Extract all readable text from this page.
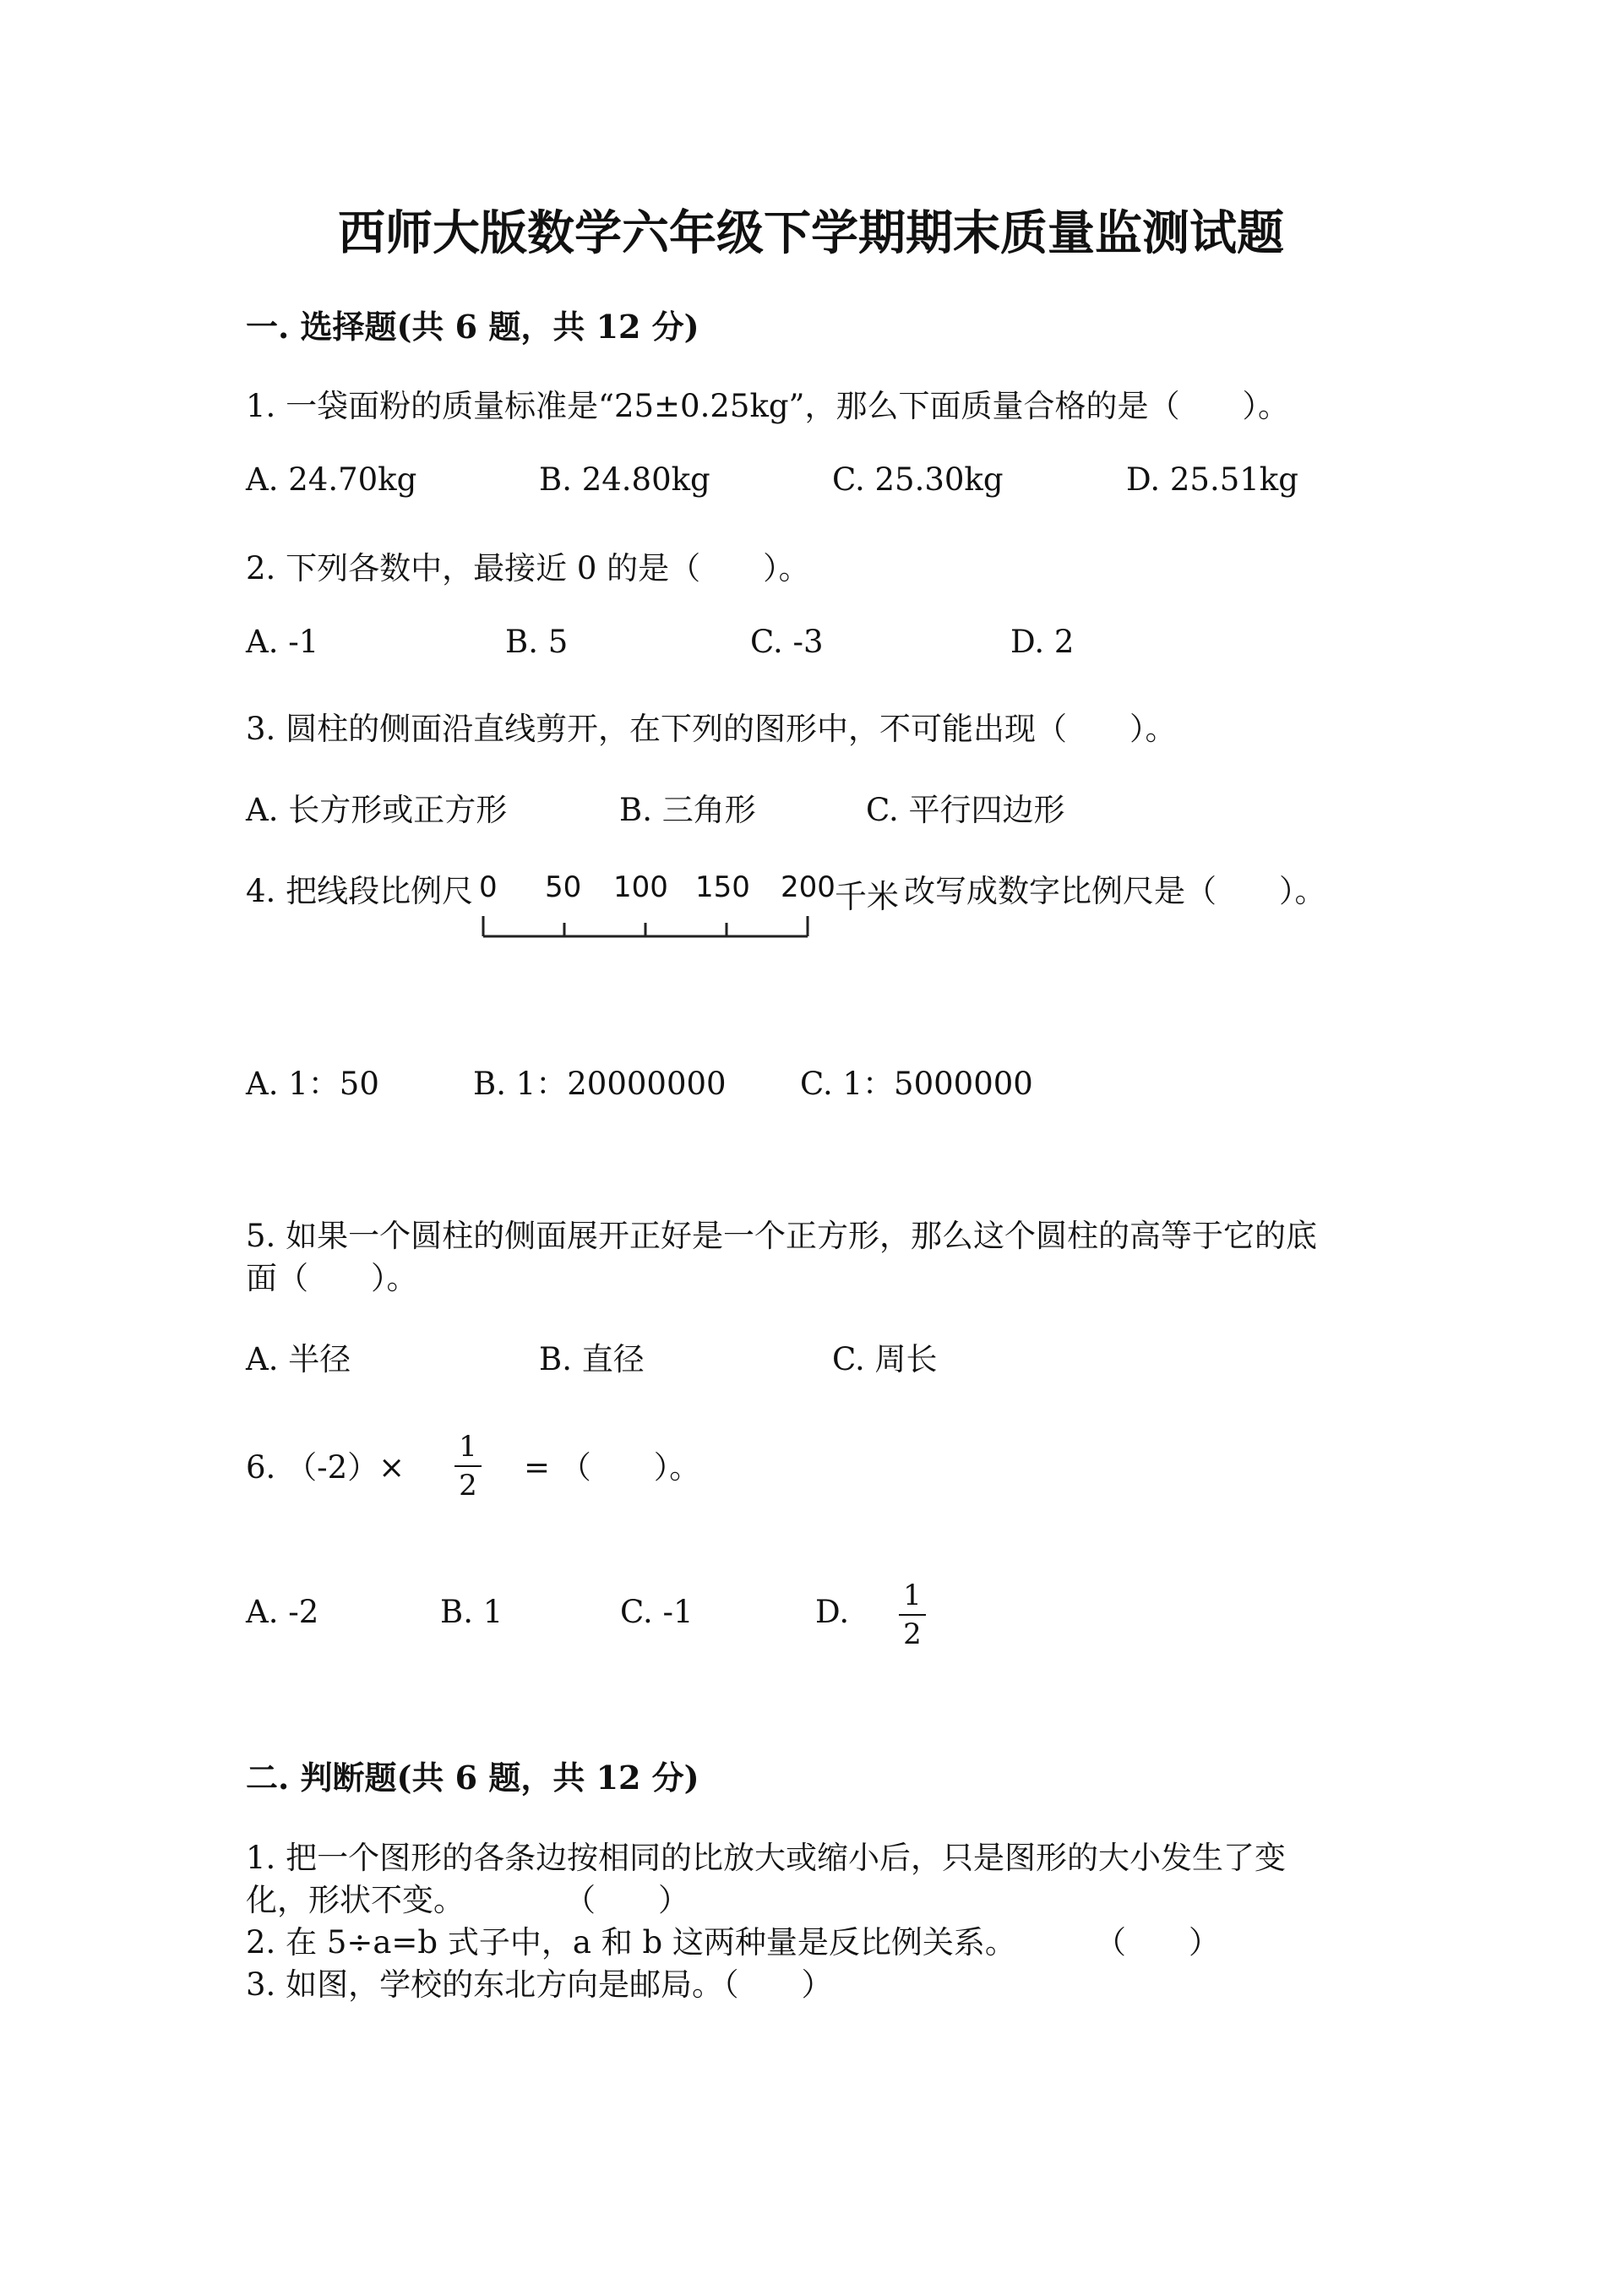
西师大版数学六年级下学期期末质量监测试题
一. 选择题(共 6 题，共 12 分)
1. 一袋面粉的质量标准是“25±0.25kg”，那么下面质量合格的是（　　）。
A. 24.70kg	B. 24.80kg	C. 25.30kg	D. 25.51kg
2. 下列各数中，最接近 0 的是（　　）。
A. -1	B. 5	C. -3	D. 2
3. 圆柱的侧面沿直线剪开，在下列的图形中，不可能出现（　　）。
A. 长方形或正方形	B. 三角形	C. 平行四边形
4. 把线段比例尺 0 50 100 150 200 千米 改写成数字比例尺是（　　）。
A. 1：50	B. 1：20000000 C. 1：5000000
5. 如果一个圆柱的侧面展开正好是一个正方形，那么这个圆柱的高等于它的底
面（　　）。
A. 半径	B. 直径	C. 周长
6. （-2）×
1
2 = （　　）。
A. -2	B. 1	C. -1	D. 1
2
二. 判断题(共 6 题，共 12 分)
1. 把一个图形的各条边按相同的比放大或缩小后，只是图形的大小发生了变
化，形状不变。	（　　）
2. 在 5÷a=b 式子中，a 和 b 这两种量是反比例关系。	（　　）
3. 如图，学校的东北方向是邮局。（　　）
